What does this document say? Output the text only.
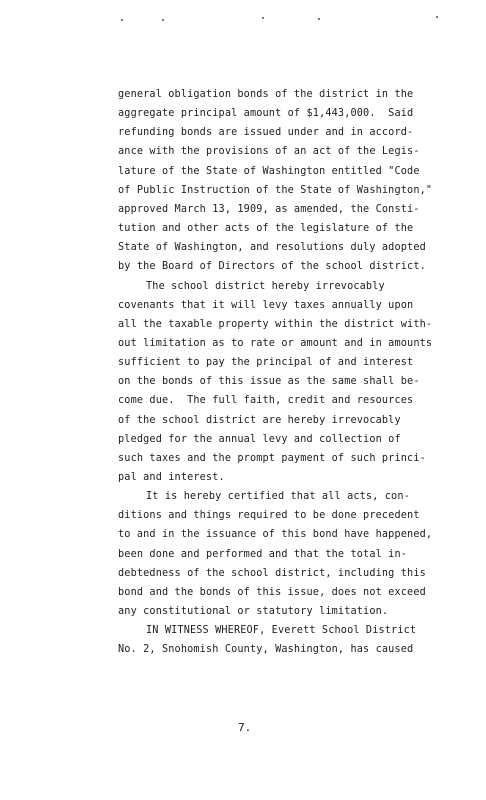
general obligation bonds of the district in the
aggregate principal amount of $1,443,000.  Said
refunding bonds are issued under and in accord-
ance with the provisions of an act of the Legis-
lature of the State of Washington entitled "Code
of Public Instruction of the State of Washington,"
approved March 13, 1909, as amended, the Consti-
tution and other acts of the legislature of the
State of Washington, and resolutions duly adopted
by the Board of Directors of the school district.
The school district hereby irrevocably
covenants that it will levy taxes annually upon
all the taxable property within the district with-
out limitation as to rate or amount and in amounts
sufficient to pay the principal of and interest
on the bonds of this issue as the same shall be-
come due.  The full faith, credit and resources
of the school district are hereby irrevocably
pledged for the annual levy and collection of
such taxes and the prompt payment of such princi-
pal and interest.
It is hereby certified that all acts, con-
ditions and things required to be done precedent
to and in the issuance of this bond have happened,
been done and performed and that the total in-
debtedness of the school district, including this
bond and the bonds of this issue, does not exceed
any constitutional or statutory limitation.
IN WITNESS WHEREOF, Everett School District
No. 2, Snohomish County, Washington, has caused
7.
